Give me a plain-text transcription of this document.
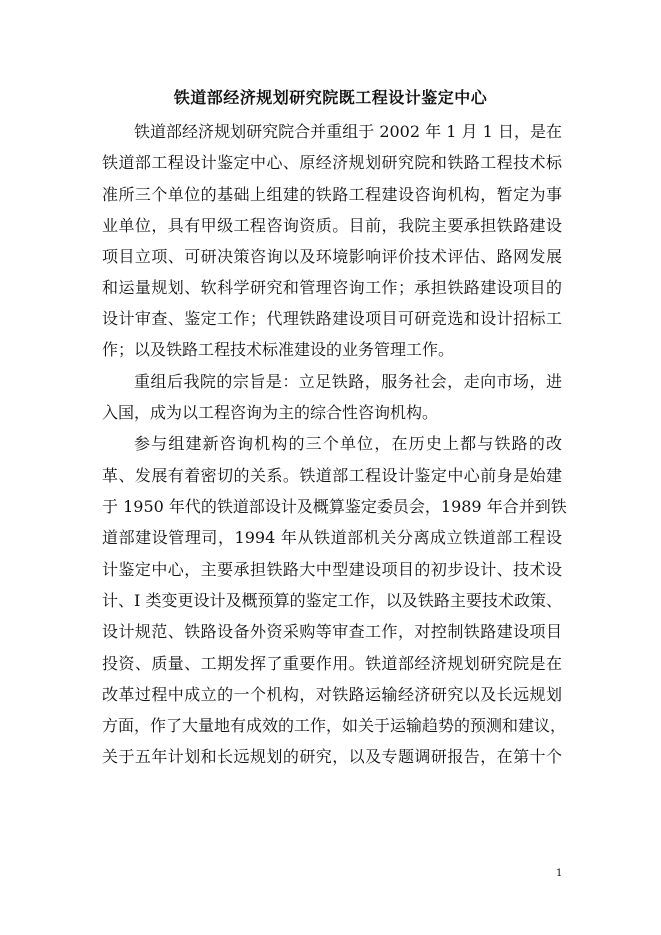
铁道部经济规划研究院既工程设计鉴定中心
铁道部经济规划研究院合并重组于 2002 年 1 月 1 日，是在
铁道部工程设计鉴定中心、原经济规划研究院和铁路工程技术标
准所三个单位的基础上组建的铁路工程建设咨询机构，暂定为事
业单位，具有甲级工程咨询资质。目前，我院主要承担铁路建设
项目立项、可研决策咨询以及环境影响评价技术评估、路网发展
和运量规划、软科学研究和管理咨询工作；承担铁路建设项目的
设计审查、鉴定工作；代理铁路建设项目可研竞选和设计招标工
作；以及铁路工程技术标准建设的业务管理工作。
重组后我院的宗旨是：立足铁路，服务社会，走向市场，进
入国，成为以工程咨询为主的综合性咨询机构。
参与组建新咨询机构的三个单位，在历史上都与铁路的改
革、发展有着密切的关系。铁道部工程设计鉴定中心前身是始建
于 1950 年代的铁道部设计及概算鉴定委员会，1989 年合并到铁
道部建设管理司，1994 年从铁道部机关分离成立铁道部工程设
计鉴定中心，主要承担铁路大中型建设项目的初步设计、技术设
计、I 类变更设计及概预算的鉴定工作，以及铁路主要技术政策、
设计规范、铁路设备外资采购等审查工作，对控制铁路建设项目
投资、质量、工期发挥了重要作用。铁道部经济规划研究院是在
改革过程中成立的一个机构，对铁路运输经济研究以及长远规划
方面，作了大量地有成效的工作，如关于运输趋势的预测和建议，
关于五年计划和长远规划的研究，以及专题调研报告，在第十个
1
